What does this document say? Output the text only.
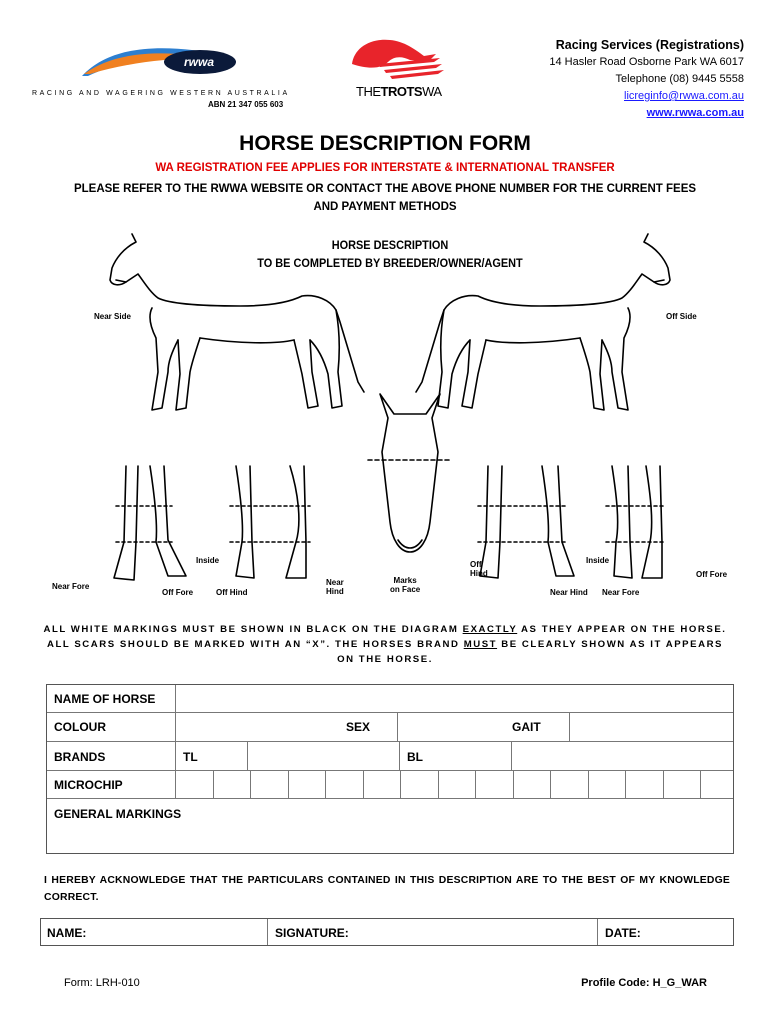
rwwa
RACING AND WAGERING WESTERN AUSTRALIA
ABN 21 347 055 603
THETROTSWA
Racing Services (Registrations)
14 Hasler Road Osborne Park WA 6017
Telephone (08) 9445 5558
licreginfo@rwwa.com.au
www.rwwa.com.au
HORSE DESCRIPTION FORM
WA REGISTRATION FEE APPLIES FOR INTERSTATE & INTERNATIONAL TRANSFER
PLEASE REFER TO THE RWWA WEBSITE OR CONTACT THE ABOVE PHONE NUMBER FOR THE CURRENT FEES AND PAYMENT METHODS
HORSE DESCRIPTION
TO BE COMPLETED BY BREEDER/OWNER/AGENT
Near Side	Off Side
Near Fore
Off Fore	Off Hind
Inside
Near
Hind
Marks
on Face
Off
Hind
Inside
Off Fore
Near Hind Near Fore
ALL WHITE MARKINGS MUST BE SHOWN IN BLACK ON THE DIAGRAM EXACTLY AS THEY APPEAR ON THE HORSE. ALL SCARS SHOULD BE MARKED WITH AN “X”. THE HORSES BRAND MUST BE CLEARLY SHOWN AS IT APPEARS ON THE HORSE.
NAME OF HORSE
COLOUR	SEX	GAIT
BRANDS	TL	BL
MICROCHIP
GENERAL MARKINGS
I HEREBY ACKNOWLEDGE THAT THE PARTICULARS CONTAINED IN THIS DESCRIPTION ARE TO THE BEST OF MY KNOWLEDGE CORRECT.
NAME:	SIGNATURE:	DATE:
Form: LRH-010	Profile Code: H_G_WAR
